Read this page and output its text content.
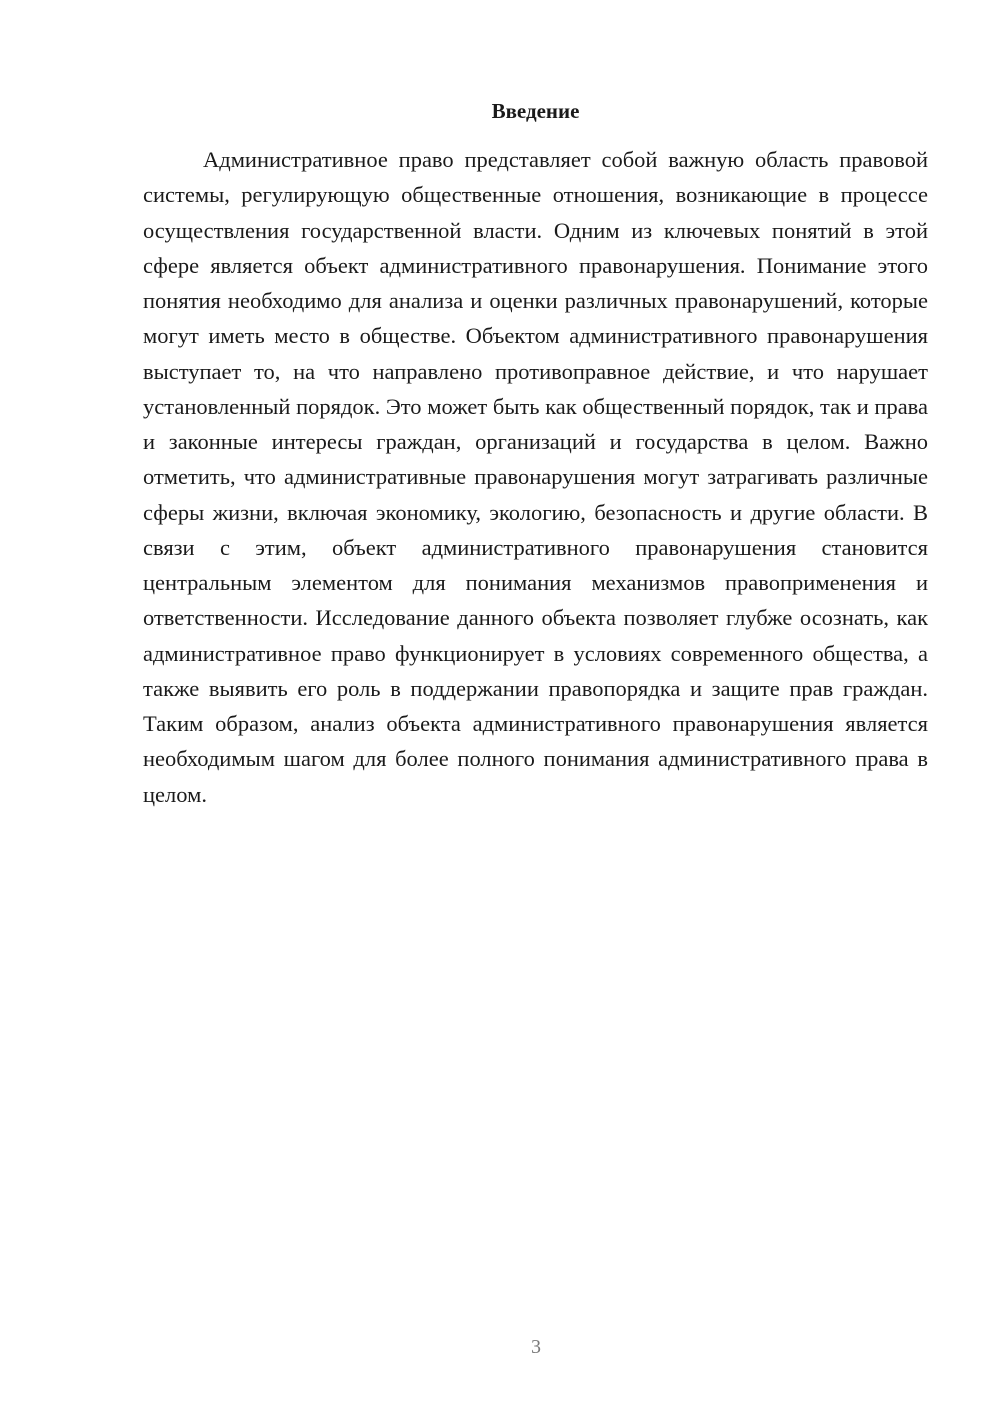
Введение

Административное право представляет собой важную область правовой системы, регулирующую общественные отношения, возникающие в процессе осуществления государственной власти. Одним из ключевых понятий в этой сфере является объект административного правонарушения. Понимание этого понятия необходимо для анализа и оценки различных правонарушений, которые могут иметь место в обществе. Объектом административного правонарушения выступает то, на что направлено противоправное действие, и что нарушает установленный порядок. Это может быть как общественный порядок, так и права и законные интересы граждан, организаций и государства в целом. Важно отметить, что административные правонарушения могут затрагивать различные сферы жизни, включая экономику, экологию, безопасность и другие области. В связи с этим, объект административного правонарушения становится центральным элементом для понимания механизмов правоприменения и ответственности. Исследование данного объекта позволяет глубже осознать, как административное право функционирует в условиях современного общества, а также выявить его роль в поддержании правопорядка и защите прав граждан. Таким образом, анализ объекта административного правонарушения является необходимым шагом для более полного понимания административного права в целом.

3
